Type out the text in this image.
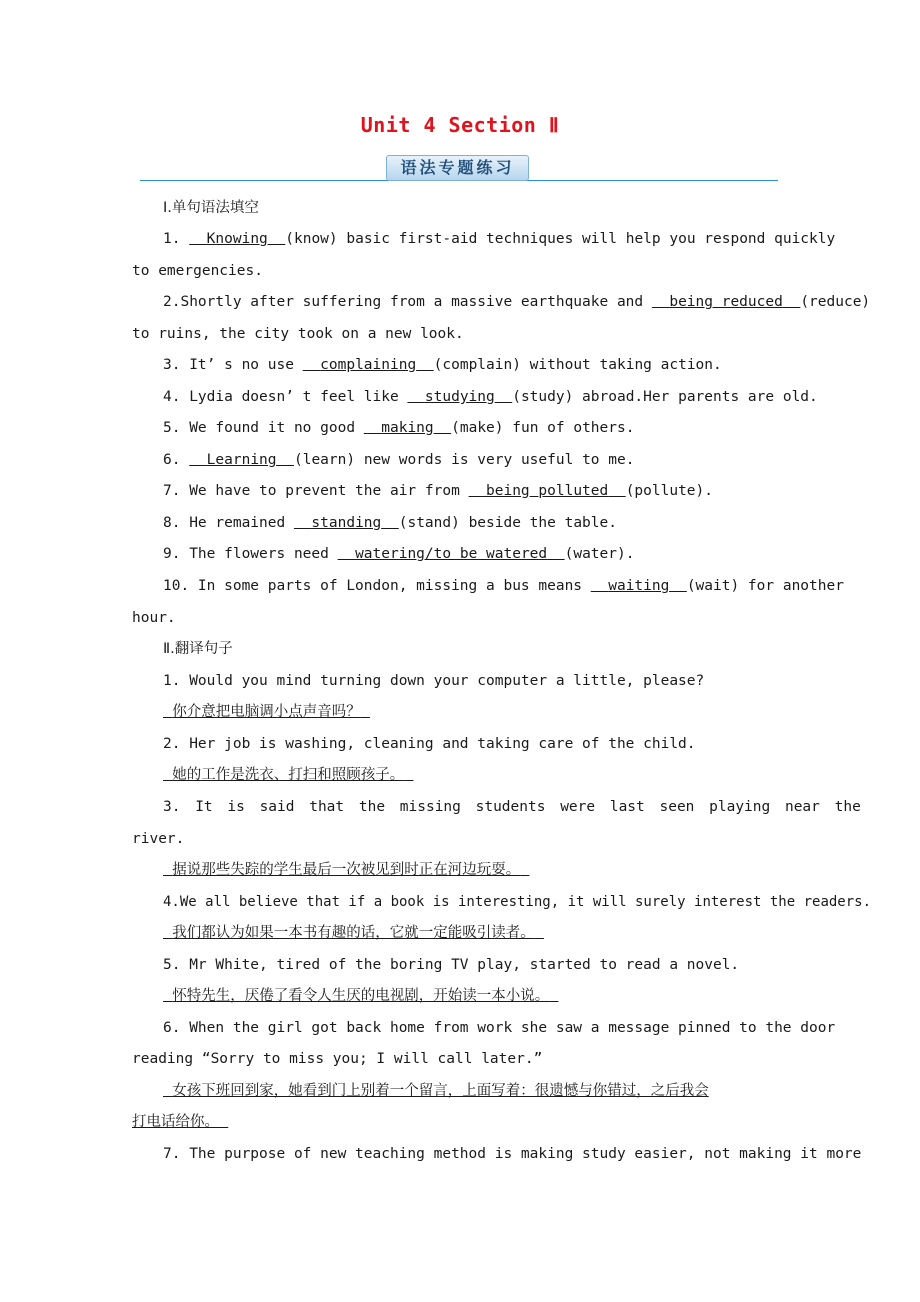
Unit 4 Section Ⅱ
语法专题练习
Ⅰ.单句语法填空
1. Knowing (know) basic first-aid techniques will help you respond quickly
to emergencies.
2.Shortly after suffering from a massive earthquake and being reduced (reduce)
to ruins, the city took on a new look.
3. It’ s no use complaining (complain) without taking action.
4. Lydia doesn’ t feel like studying (study) abroad.Her parents are old.
5. We found it no good making (make) fun of others.
6. Learning (learn) new words is very useful to me.
7. We have to prevent the air from being polluted (pollute).
8. He remained standing (stand) beside the table.
9. The flowers need watering/to be watered (water).
10. In some parts of London, missing a bus means waiting (wait) for another
hour.
Ⅱ.翻译句子
1. Would you mind turning down your computer a little, please?
你介意把电脑调小点声音吗？
2. Her job is washing, cleaning and taking care of the child.
她的工作是洗衣、打扫和照顾孩子。
3. It is said that the missing students were last seen playing near the
river.
据说那些失踪的学生最后一次被见到时正在河边玩耍。
4.We all believe that if a book is interesting, it will surely interest the readers.
我们都认为如果一本书有趣的话，它就一定能吸引读者。
5. Mr White, tired of the boring TV play, started to read a novel.
怀特先生，厌倦了看令人生厌的电视剧，开始读一本小说。
6. When the girl got back home from work she saw a message pinned to the door
reading “Sorry to miss you; I will call later.”
女孩下班回到家，她看到门上别着一个留言，上面写着：很遗憾与你错过，之后我会
打电话给你。
7. The purpose of new teaching method is making study easier, not making it more
